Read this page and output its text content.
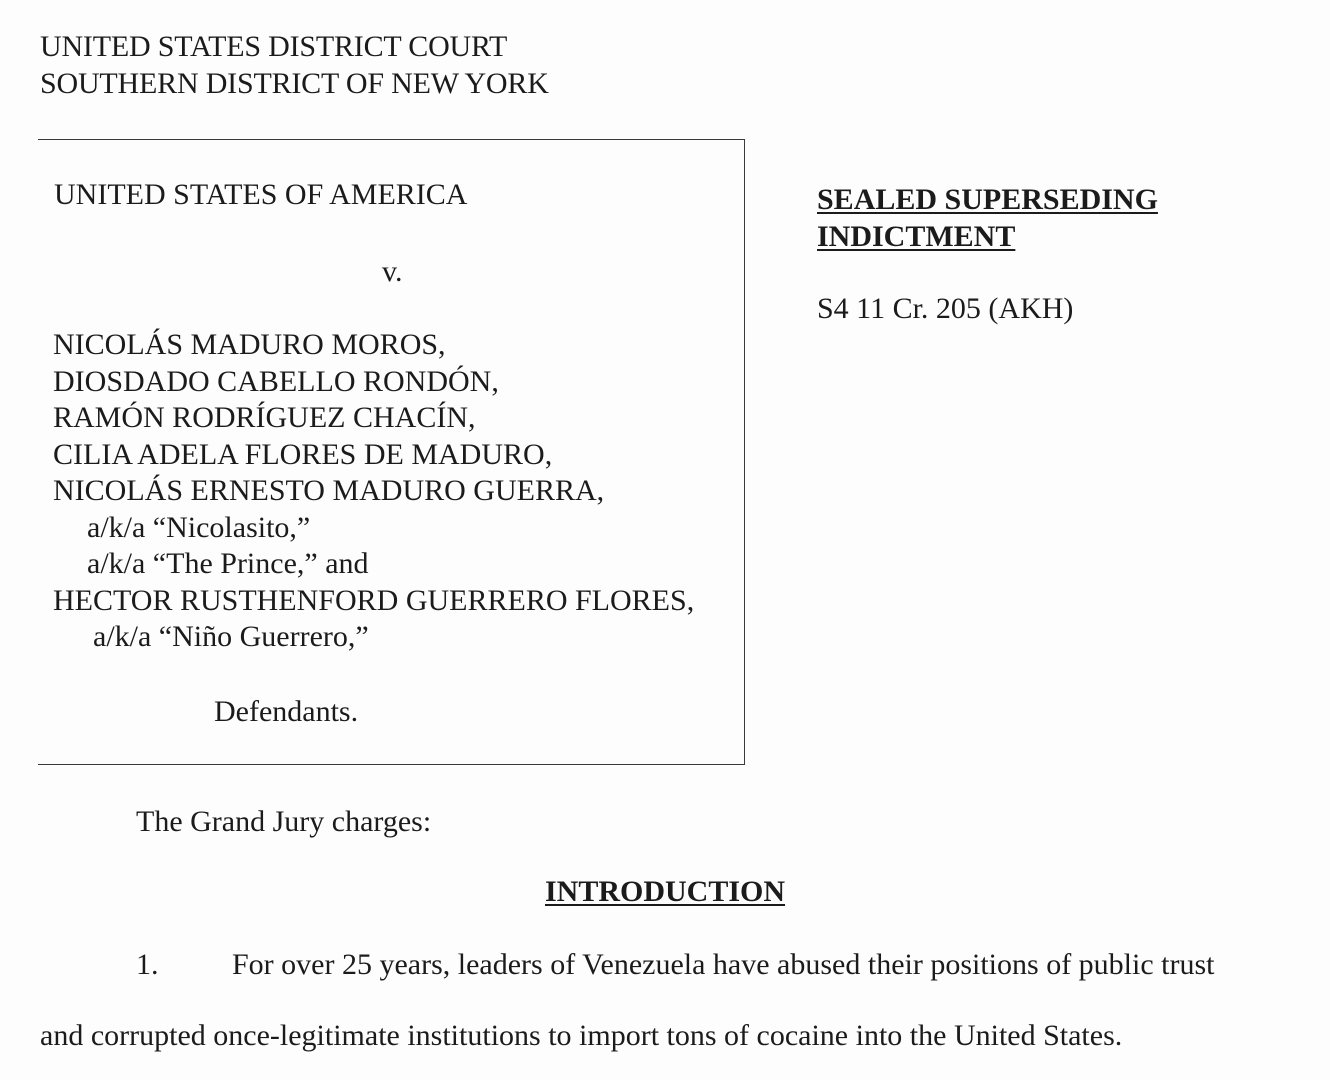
UNITED STATES DISTRICT COURT
SOUTHERN DISTRICT OF NEW YORK
UNITED STATES OF AMERICA
v.
NICOLÁS MADURO MOROS,
DIOSDADO CABELLO RONDÓN,
RAMÓN RODRÍGUEZ CHACÍN,
CILIA ADELA FLORES DE MADURO,
NICOLÁS ERNESTO MADURO GUERRA,
a/k/a “Nicolasito,”
a/k/a “The Prince,” and
HECTOR RUSTHENFORD GUERRERO FLORES,
a/k/a “Niño Guerrero,”
Defendants.
SEALED SUPERSEDING
INDICTMENT
S4 11 Cr. 205 (AKH)
The Grand Jury charges:
INTRODUCTION
1. For over 25 years, leaders of Venezuela have abused their positions of public trust
and corrupted once-legitimate institutions to import tons of cocaine into the United States.
